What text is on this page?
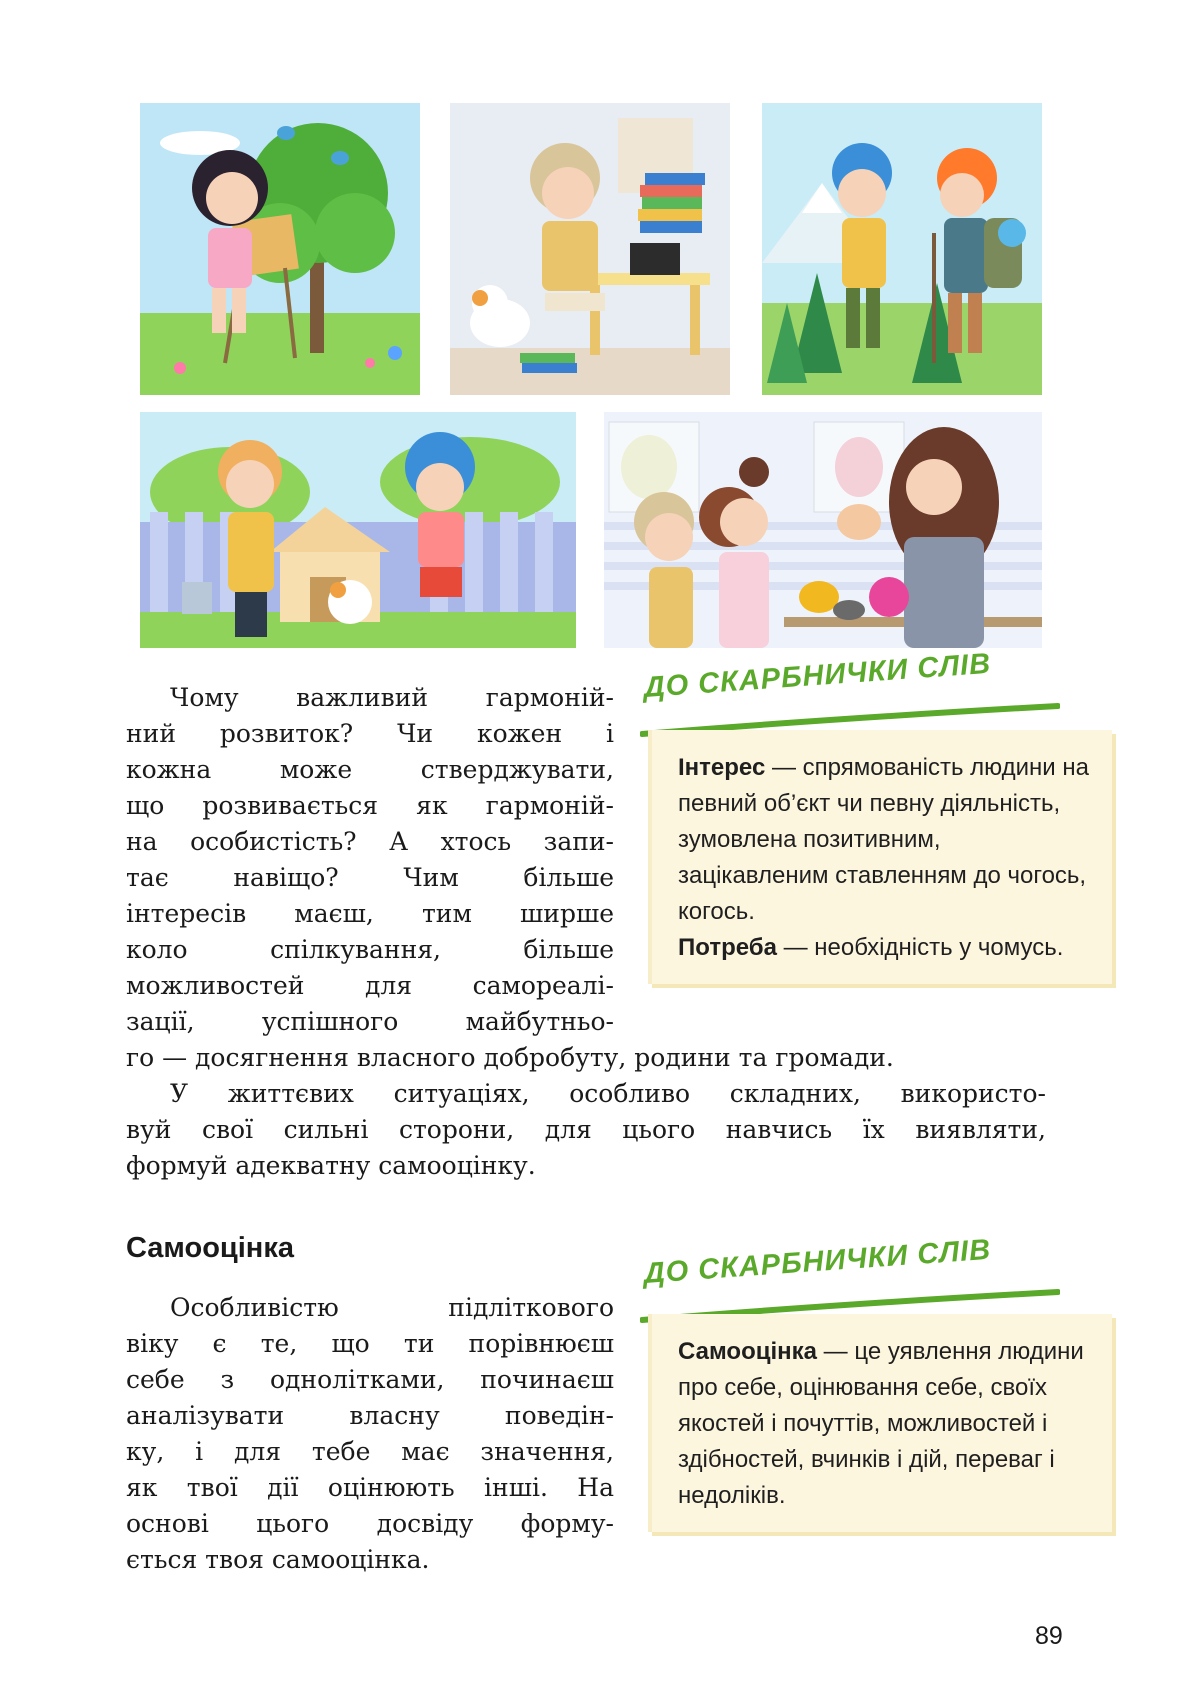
Чому важливий гармоній-

ний розвиток? Чи кожен і

кожна може стверджувати,

що розвивається як гармоній-

на особистість? А хтось запи-

тає навіщо? Чим більше

інтересів маєш, тим ширше

коло спілкування, більше

можливостей для самореалі-

зації, успішного майбутньо-

го — досягнення власного добробуту, родини та громади.

У життєвих ситуаціях, особливо складних, використо-

вуй свої сильні сторони, для цього навчись їх виявляти,

формуй адекватну самооцінку.

Самооцінка

Особливістю підліткового

віку є те, що ти порівнюєш

себе з однолітками, починаєш

аналізувати власну поведін-

ку, і для тебе має значення,

як твої дії оцінюють інші. На

основі цього досвіду форму-

ється твоя самооцінка.

ДО СКАРБНИЧКИ СЛІВ
Інтерес — спрямованість людини на певний об’єкт чи певну діяльність, зумовлена позитивним, зацікавленим ставленням до чогось, когось.
Потреба — необхідність у чомусь.
ДО СКАРБНИЧКИ СЛІВ
Самооцінка — це уявлення людини про себе, оцінювання себе, своїх якостей і почуттів, можливостей і здібностей, вчинків і дій, переваг і недоліків.
89
